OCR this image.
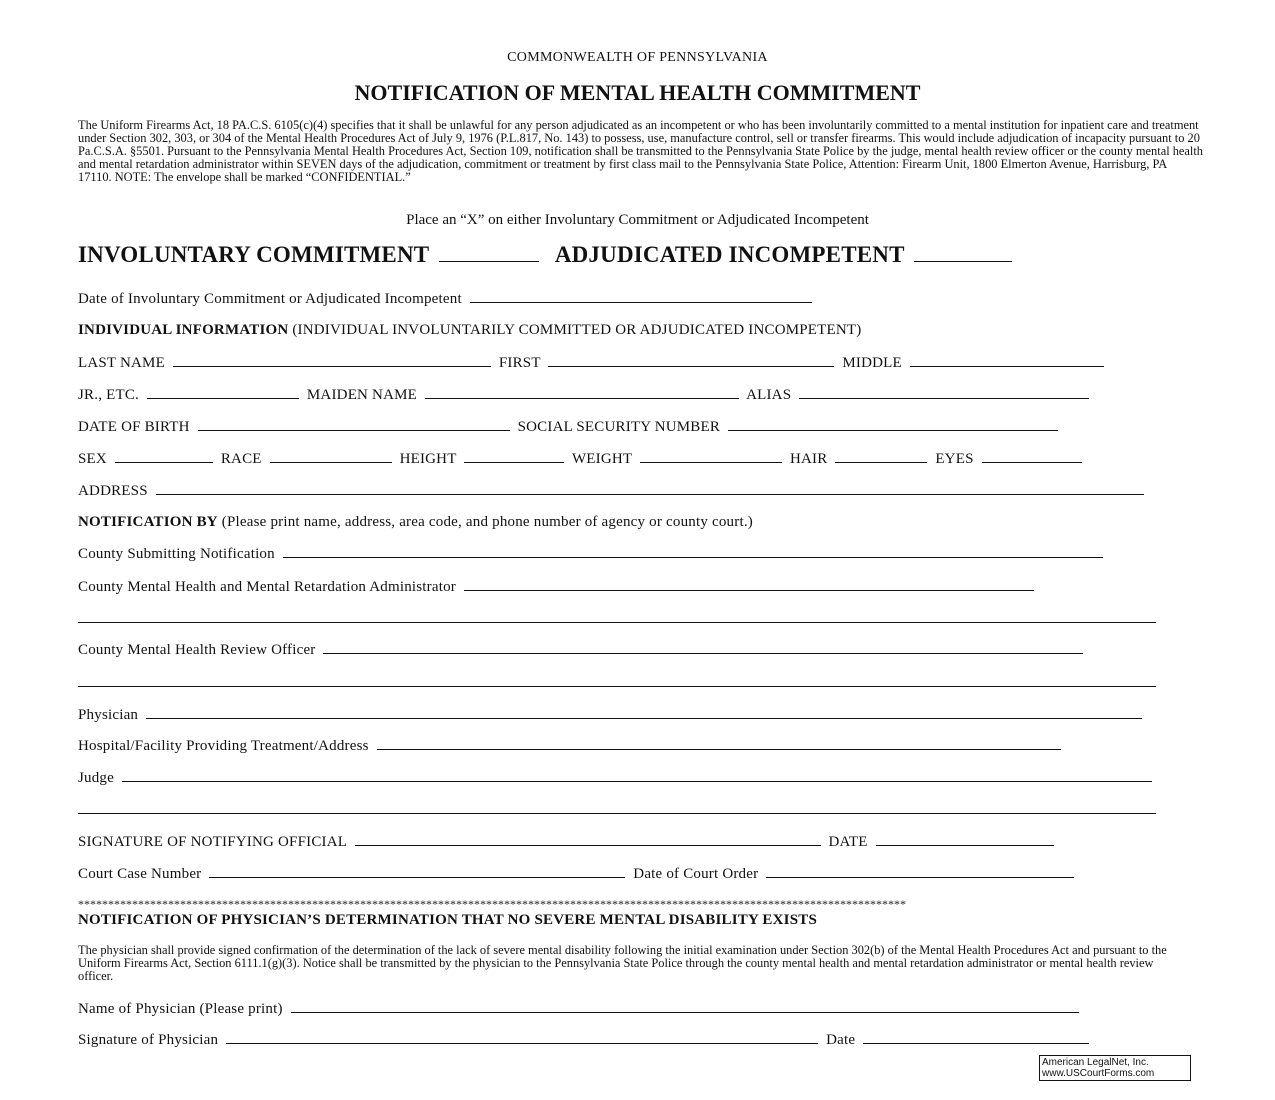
COMMONWEALTH OF PENNSYLVANIA
NOTIFICATION OF MENTAL HEALTH COMMITMENT
The Uniform Firearms Act, 18 PA.C.S. 6105(c)(4) specifies that it shall be unlawful for any person adjudicated as an incompetent or who has been involuntarily committed to a mental institution for inpatient care and treatment under Section 302, 303, or 304 of the Mental Health Procedures Act of July 9, 1976 (P.L.817, No. 143) to possess, use, manufacture control, sell or transfer firearms. This would include adjudication of incapacity pursuant to 20 Pa.C.S.A. §5501. Pursuant to the Pennsylvania Mental Health Procedures Act, Section 109, notification shall be transmitted to the Pennsylvania State Police by the judge, mental health review officer or the county mental health and mental retardation administrator within SEVEN days of the adjudication, commitment or treatment by first class mail to the Pennsylvania State Police, Attention: Firearm Unit, 1800 Elmerton Avenue, Harrisburg, PA 17110. NOTE: The envelope shall be marked “CONFIDENTIAL.”
Place an “X” on either Involuntary Commitment or Adjudicated Incompetent
INVOLUNTARY COMMITMENT	ADJUDICATED INCOMPETENT
Date of Involuntary Commitment or Adjudicated Incompetent
INDIVIDUAL INFORMATION (INDIVIDUAL INVOLUNTARILY COMMITTED OR ADJUDICATED INCOMPETENT)
LAST NAME	FIRST	MIDDLE
JR., ETC.	MAIDEN NAME	ALIAS
DATE OF BIRTH	SOCIAL SECURITY NUMBER
SEX	RACE	HEIGHT	WEIGHT	HAIR	EYES
ADDRESS
NOTIFICATION BY (Please print name, address, area code, and phone number of agency or county court.)
County Submitting Notification
County Mental Health and Mental Retardation Administrator
County Mental Health Review Officer
Physician
Hospital/Facility Providing Treatment/Address
Judge
SIGNATURE OF NOTIFYING OFFICIAL	DATE
Court Case Number	Date of Court Order
******************************************************************************************************************************************
NOTIFICATION OF PHYSICIAN’S DETERMINATION THAT NO SEVERE MENTAL DISABILITY EXISTS
The physician shall provide signed confirmation of the determination of the lack of severe mental disability following the initial examination under Section 302(b) of the Mental Health Procedures Act and pursuant to the Uniform Firearms Act, Section 6111.1(g)(3). Notice shall be transmitted by the physician to the Pennsylvania State Police through the county mental health and mental retardation administrator or mental health review officer.
Name of Physician (Please print)
Signature of Physician	Date
American LegalNet, Inc.
www.USCourtForms.com
